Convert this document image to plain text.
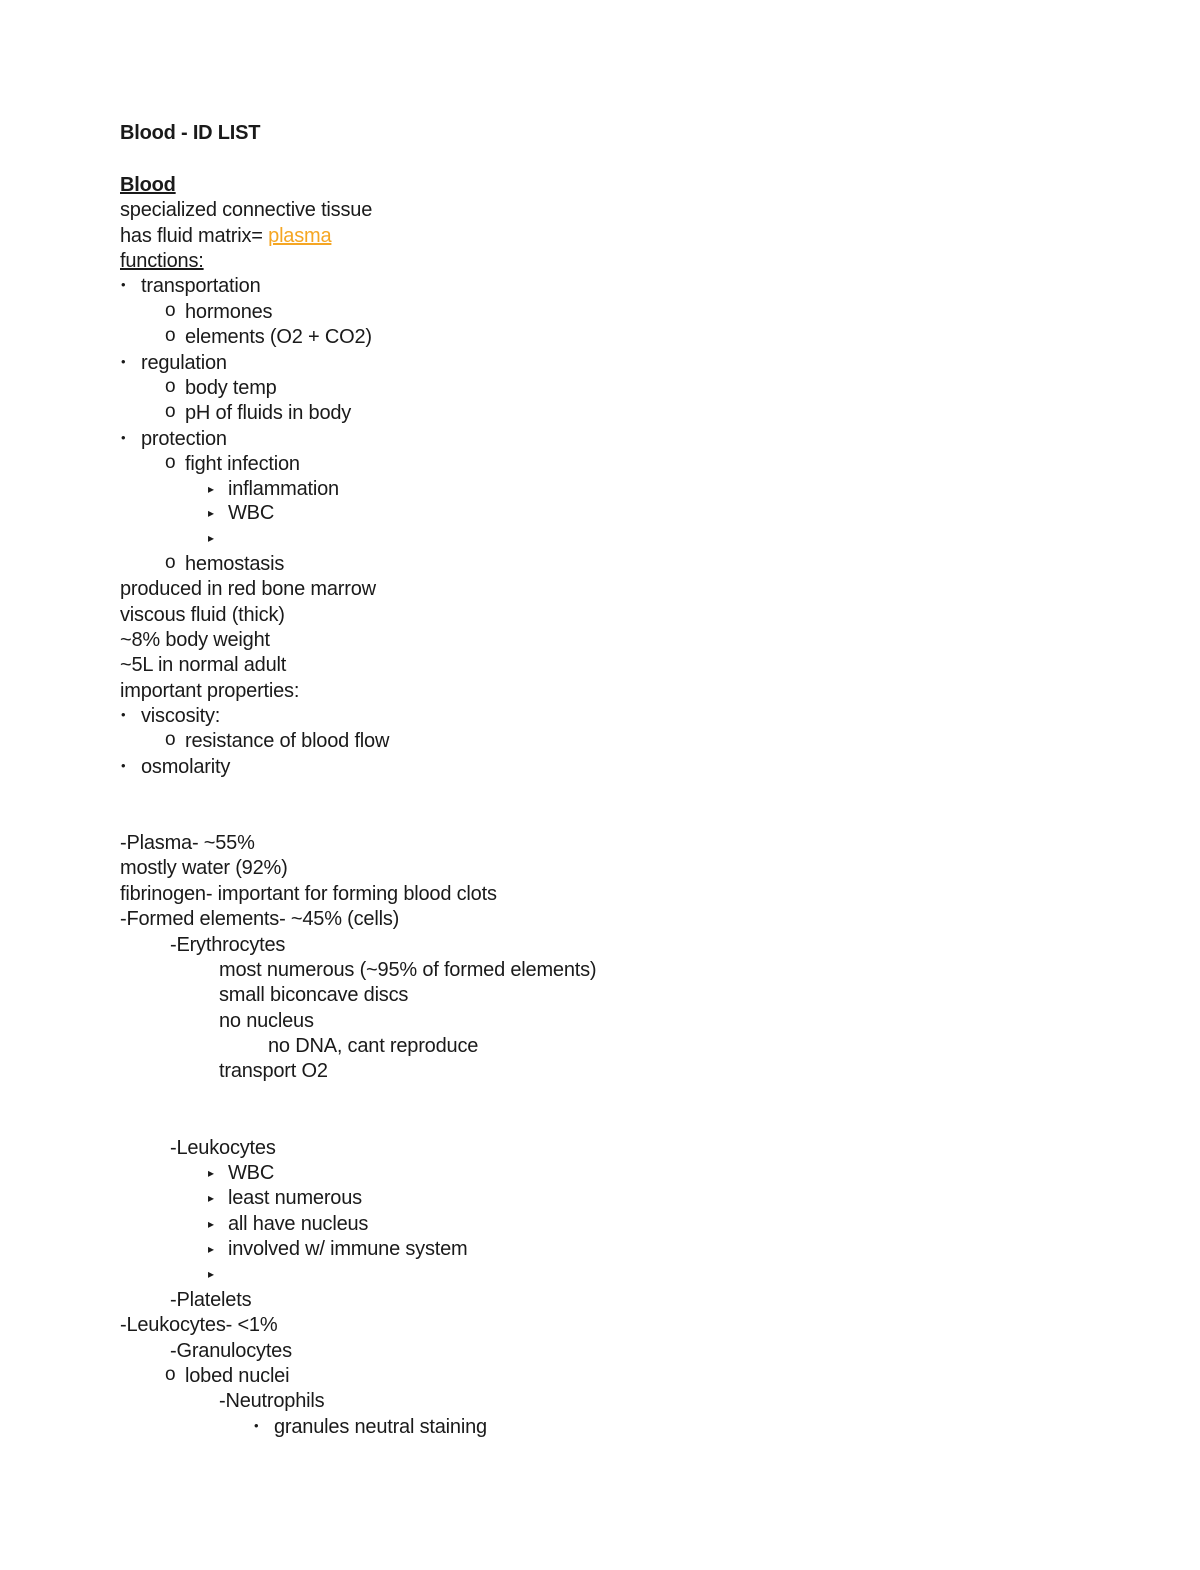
Blood - ID LIST
Blood
specialized connective tissue
has fluid matrix= plasma
functions:
• transportation
o hormones
o elements (O2 + CO2)
• regulation
o body temp
o pH of fluids in body
• protection
o fight infection
▸ inflammation
▸ WBC
▸
o hemostasis
produced in red bone marrow
viscous fluid (thick)
~8% body weight
~5L in normal adult
important properties:
• viscosity:
o resistance of blood flow
• osmolarity
-Plasma- ~55%
mostly water (92%)
fibrinogen- important for forming blood clots
-Formed elements- ~45% (cells)
-Erythrocytes
most numerous (~95% of formed elements)
small biconcave discs
no nucleus
no DNA, cant reproduce
transport O2
-Leukocytes
▸ WBC
▸ least numerous
▸ all have nucleus
▸ involved w/ immune system
▸
-Platelets
-Leukocytes- <1%
-Granulocytes
o lobed nuclei
-Neutrophils
• granules neutral staining
